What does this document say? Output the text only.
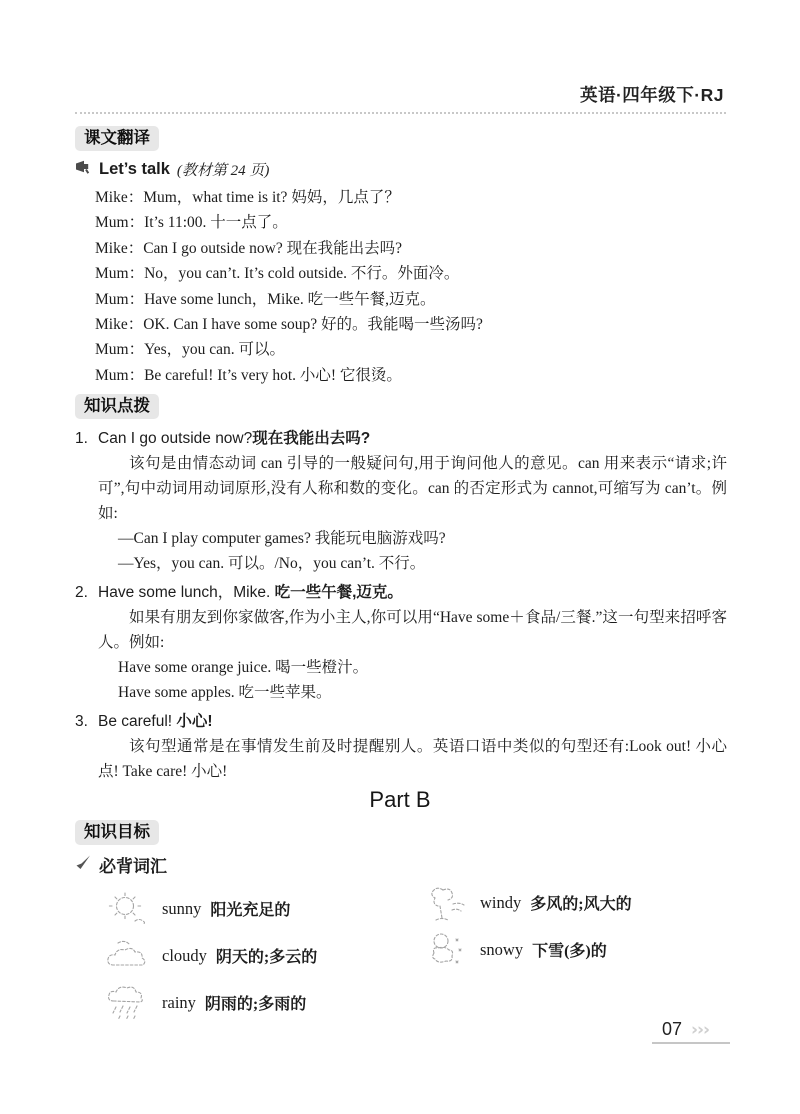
英语·四年级下·RJ
课文翻译
Let’s talk (教材第 24 页)
Mike：Mum，what time is it? 妈妈，几点了？
Mum：It’s 11:00. 十一点了。
Mike：Can I go outside now? 现在我能出去吗?
Mum：No，you can’t. It’s cold outside. 不行。外面冷。
Mum：Have some lunch，Mike. 吃一些午餐,迈克。
Mike：OK. Can I have some soup? 好的。我能喝一些汤吗?
Mum：Yes，you can. 可以。
Mum：Be careful! It’s very hot. 小心! 它很烫。
知识点拨
1. Can I go outside now?现在我能出去吗?

该句是由情态动词 can 引导的一般疑问句,用于询问他人的意见。can 用来表示“请求;许可”,句中动词用动词原形,没有人称和数的变化。can 的否定形式为 cannot,可缩写为 can’t。例如:

—Can I play computer games? 我能玩电脑游戏吗?
—Yes，you can. 可以。/No，you can’t. 不行。
2. Have some lunch，Mike. 吃一些午餐,迈克。

如果有朋友到你家做客,作为小主人,你可以用“Have some＋食品/三餐.”这一句型来招呼客人。例如:

Have some orange juice. 喝一些橙汁。
Have some apples. 吃一些苹果。
3. Be careful! 小心!

该句型通常是在事情发生前及时提醒别人。英语口语中类似的句型还有:Look out! 小心点! Take care! 小心!

Part B
知识目标
必背词汇
sunny 阳光充足的
cloudy 阴天的;多云的
rainy 阴雨的;多雨的
windy 多风的;风大的
snowy 下雪(多)的
07 ›››
